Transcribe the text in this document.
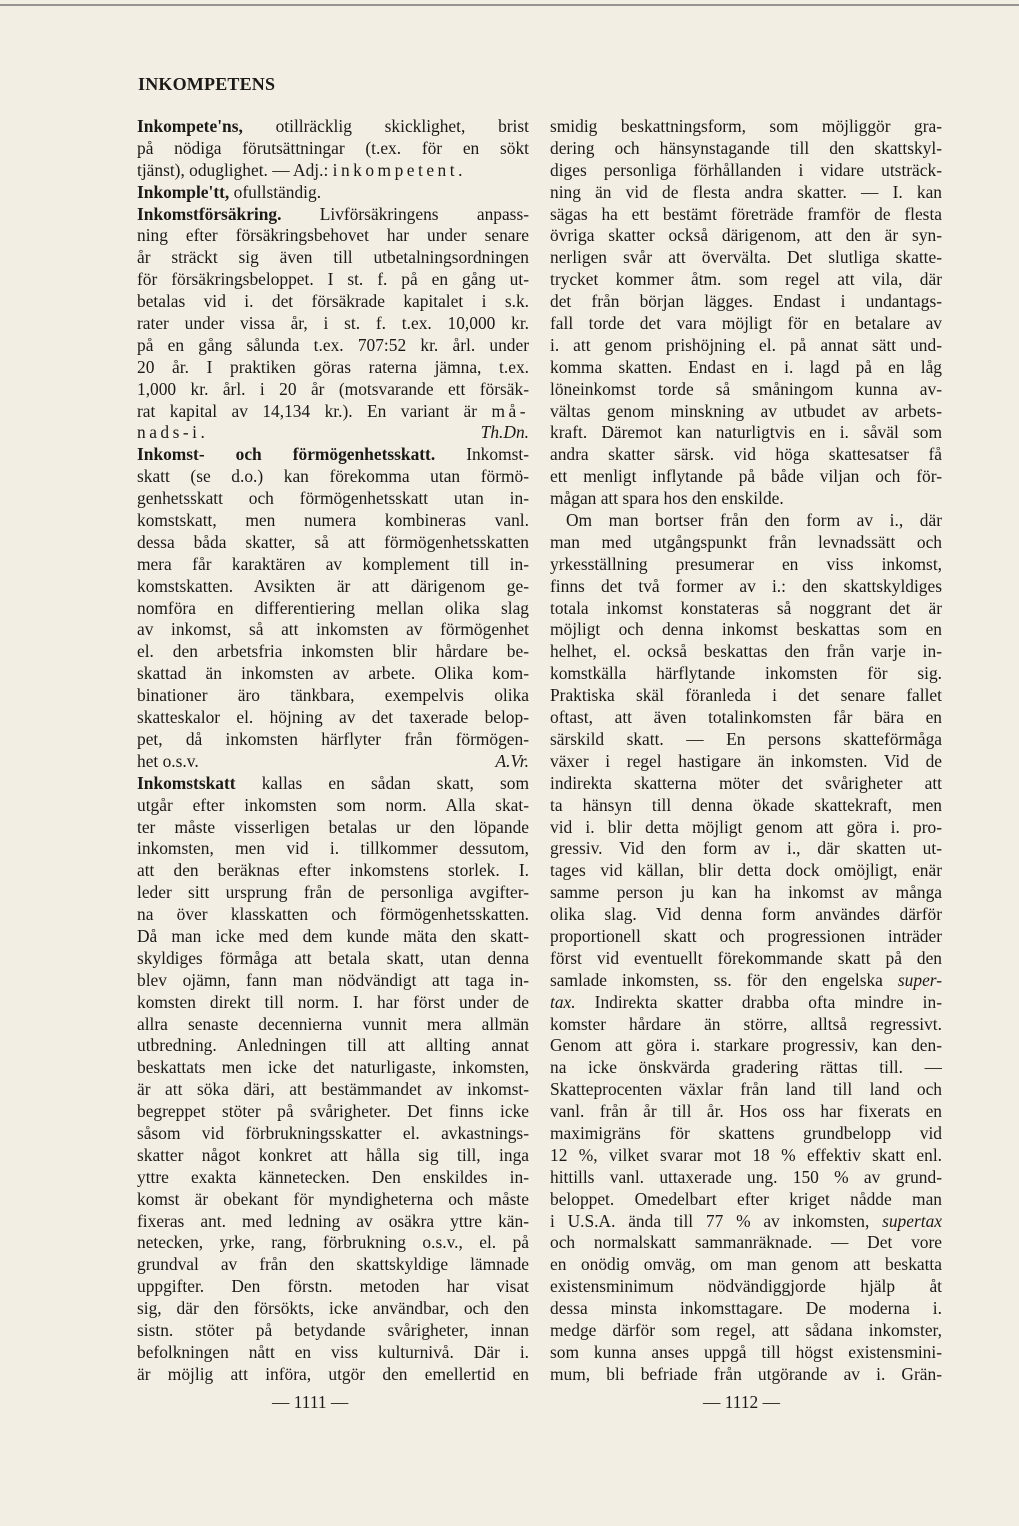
INKOMPETENS
Inkompete'ns, otillräcklig skicklighet, brist
på nödiga förutsättningar (t.ex. för en sökt
tjänst), oduglighet. — Adj.: inkompetent.
Inkomple'tt, ofullständig.
Inkomstförsäkring. Livförsäkringens anpass-
ning efter försäkringsbehovet har under senare
år sträckt sig även till utbetalningsordningen
för försäkringsbeloppet. I st. f. på en gång ut-
betalas vid i. det försäkrade kapitalet i s.k.
rater under vissa år, i st. f. t.ex. 10,000 kr.
på en gång sålunda t.ex. 707:52 kr. årl. under
20 år. I praktiken göras raterna jämna, t.ex.
1,000 kr. årl. i 20 år (motsvarande ett försäk-
rat kapital av 14,134 kr.). En variant är må-
nads-i.	Th.Dn.
Inkomst- och förmögenhetsskatt. Inkomst-
skatt (se d.o.) kan förekomma utan förmö-
genhetsskatt och förmögenhetsskatt utan in-
komstskatt, men numera kombineras vanl.
dessa båda skatter, så att förmögenhetsskatten
mera får karaktären av komplement till in-
komstskatten. Avsikten är att därigenom ge-
nomföra en differentiering mellan olika slag
av inkomst, så att inkomsten av förmögenhet
el. den arbetsfria inkomsten blir hårdare be-
skattad än inkomsten av arbete. Olika kom-
binationer äro tänkbara, exempelvis olika
skatteskalor el. höjning av det taxerade belop-
pet, då inkomsten härflyter från förmögen-
het o.s.v.	A.Vr.
Inkomstskatt kallas en sådan skatt, som
utgår efter inkomsten som norm. Alla skat-
ter måste visserligen betalas ur den löpande
inkomsten, men vid i. tillkommer dessutom,
att den beräknas efter inkomstens storlek. I.
leder sitt ursprung från de personliga avgifter-
na över klasskatten och förmögenhetsskatten.
Då man icke med dem kunde mäta den skatt-
skyldiges förmåga att betala skatt, utan denna
blev ojämn, fann man nödvändigt att taga in-
komsten direkt till norm. I. har först under de
allra senaste decennierna vunnit mera allmän
utbredning. Anledningen till att allting annat
beskattats men icke det naturligaste, inkomsten,
är att söka däri, att bestämmandet av inkomst-
begreppet stöter på svårigheter. Det finns icke
såsom vid förbrukningsskatter el. avkastnings-
skatter något konkret att hålla sig till, inga
yttre exakta kännetecken. Den enskildes in-
komst är obekant för myndigheterna och måste
fixeras ant. med ledning av osäkra yttre kän-
netecken, yrke, rang, förbrukning o.s.v., el. på
grundval av från den skattskyldige lämnade
uppgifter. Den förstn. metoden har visat
sig, där den försökts, icke användbar, och den
sistn. stöter på betydande svårigheter, innan
befolkningen nått en viss kulturnivå. Där i.
är möjlig att införa, utgör den emellertid en
smidig beskattningsform, som möjliggör gra-
dering och hänsynstagande till den skattskyl-
diges personliga förhållanden i vidare utsträck-
ning än vid de flesta andra skatter. — I. kan
sägas ha ett bestämt företräde framför de flesta
övriga skatter också därigenom, att den är syn-
nerligen svår att övervälta. Det slutliga skatte-
trycket kommer åtm. som regel att vila, där
det från början lägges. Endast i undantags-
fall torde det vara möjligt för en betalare av
i. att genom prishöjning el. på annat sätt und-
komma skatten. Endast en i. lagd på en låg
löneinkomst torde så småningom kunna av-
vältas genom minskning av utbudet av arbets-
kraft. Däremot kan naturligtvis en i. såväl som
andra skatter särsk. vid höga skattesatser få
ett menligt inflytande på både viljan och för-
mågan att spara hos den enskilde.
Om man bortser från den form av i., där
man med utgångspunkt från levnadssätt och
yrkesställning presumerar en viss inkomst,
finns det två former av i.: den skattskyldiges
totala inkomst konstateras så noggrant det är
möjligt och denna inkomst beskattas som en
helhet, el. också beskattas den från varje in-
komstkälla härflytande inkomsten för sig.
Praktiska skäl föranleda i det senare fallet
oftast, att även totalinkomsten får bära en
särskild skatt. — En persons skatteförmåga
växer i regel hastigare än inkomsten. Vid de
indirekta skatterna möter det svårigheter att
ta hänsyn till denna ökade skattekraft, men
vid i. blir detta möjligt genom att göra i. pro-
gressiv. Vid den form av i., där skatten ut-
tages vid källan, blir detta dock omöjligt, enär
samme person ju kan ha inkomst av många
olika slag. Vid denna form användes därför
proportionell skatt och progressionen inträder
först vid eventuellt förekommande skatt på den
samlade inkomsten, ss. för den engelska super-
tax. Indirekta skatter drabba ofta mindre in-
komster hårdare än större, alltså regressivt.
Genom att göra i. starkare progressiv, kan den-
na icke önskvärda gradering rättas till. —
Skatteprocenten växlar från land till land och
vanl. från år till år. Hos oss har fixerats en
maximigräns för skattens grundbelopp vid
12 %, vilket svarar mot 18 % effektiv skatt enl.
hittills vanl. uttaxerade ung. 150 % av grund-
beloppet. Omedelbart efter kriget nådde man
i U.S.A. ända till 77 % av inkomsten, supertax
och normalskatt sammanräknade. — Det vore
en onödig omväg, om man genom att beskatta
existensminimum nödvändiggjorde hjälp åt
dessa minsta inkomsttagare. De moderna i.
medge därför som regel, att sådana inkomster,
som kunna anses uppgå till högst existensmini-
mum, bli befriade från utgörande av i. Grän-
— 1111 —	— 1112 —
